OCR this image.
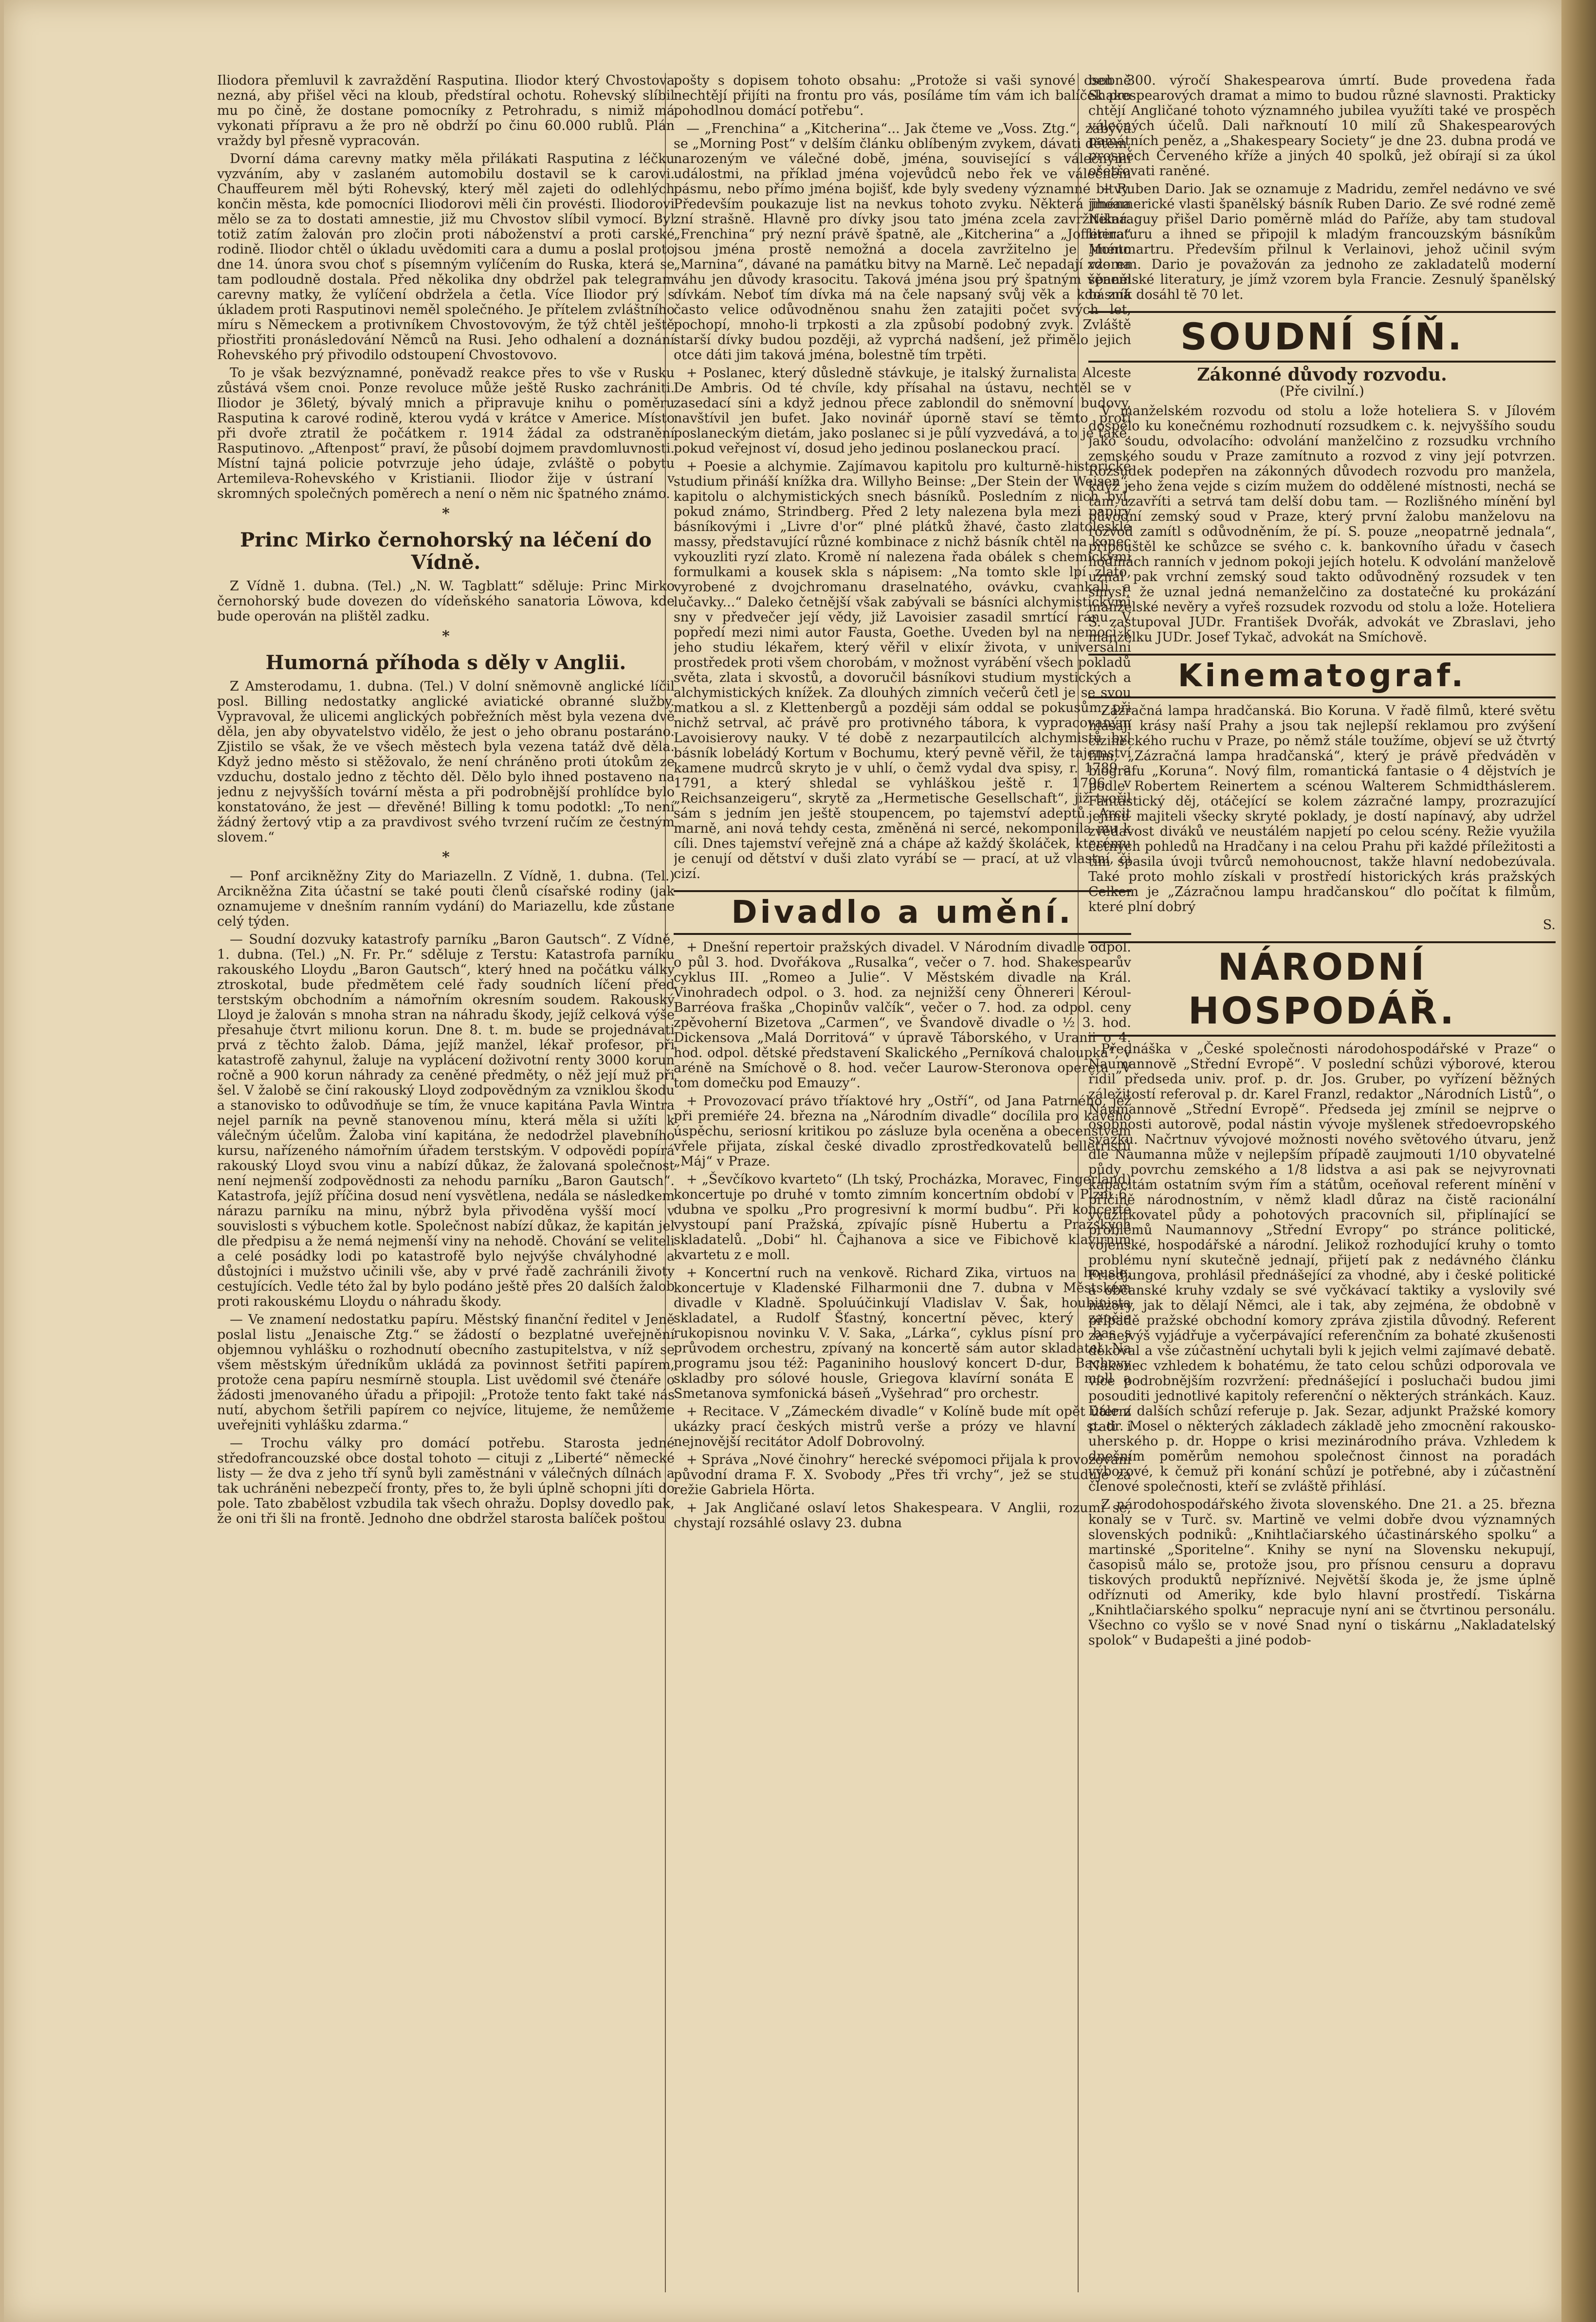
Iliodora přemluvil k zavraždění Rasputina. Iliodor který Chvostova nezná, aby přišel věci na kloub, předstíral ochotu. Rohevský slíbil mu po čině, že dostane pomocníky z Petrohradu, s nimiž má vykonati přípravu a že pro ně obdrží po činu 60.000 rublů. Plán vraždy byl přesně vypracován.

Dvorní dáma carevny matky měla přilákati Rasputina z léčku vyzváním, aby v zaslaném automobilu dostavil se k carovi. Chauffeurem měl býti Rohevský, který měl zajeti do odlehlých končin města, kde pomocníci Iliodorovi měli čin provésti. Iliodorovi mělo se za to dostati amnestie, již mu Chvostov slíbil vymocí. Byl totiž zatím žalován pro zločin proti náboženství a proti carské rodině. Iliodor chtěl o úkladu uvědomiti cara a dumu a poslal proto dne 14. února svou choť s písemným vylíčením do Ruska, která se tam podloudně dostala. Před několika dny obdržel pak telegram carevny matky, že vylíčení obdržela a četla. Více Iliodor prý s úkladem proti Rasputinovi neměl společného. Je přítelem zvláštního míru s Německem a protivníkem Chvostovovým, že týž chtěl ještě přiostřiti pronásledování Němců na Rusi. Jeho odhalení a doznání Rohevského prý přivodilo odstoupení Chvostovovo.

To je však bezvýznamné, poněvadž reakce přes to vše v Rusku zůstává všem cnoi. Ponze revoluce může ještě Rusko zachrániti. Iliodor je 36letý, bývalý mnich a připravuje knihu o poměru Rasputina k carové rodině, kterou vydá v krátce v Americe. Místo při dvoře ztratil že počátkem r. 1914 žádal za odstranění Rasputinovo. „Aftenpost“ praví, že působí dojmem pravdomluvnosti. Místní tajná policie potvrzuje jeho údaje, zvláště o pobytu Artemileva-Rohevského v Kristianii. Iliodor žije v ústraní v skromných společných poměrech a není o něm nic špatného známo.

*
Princ Mirko černohorský na léčení do Vídně.

Z Vídně 1. dubna. (Tel.) „N. W. Tagblatt“ sděluje: Princ Mirko černohorský bude dovezen do vídeňského sanatoria Löwova, kde bude operován na plištěl zadku.

*
Humorná příhoda s děly v Anglii.

Z Amsterodamu, 1. dubna. (Tel.) V dolní sněmovně anglické líčil posl. Billing nedostatky anglické aviatické obranné služby. Vypravoval, že ulicemi anglických pobřežních měst byla vezena dvě děla, jen aby obyvatelstvo vidělo, že jest o jeho obranu postaráno. Zjistilo se však, že ve všech městech byla vezena tatáž dvě děla. Když jedno město si stěžovalo, že není chráněno proti útokům ze vzduchu, dostalo jedno z těchto děl. Dělo bylo ihned postaveno na jednu z nejvyšších tovární města a při podrobnější prohlídce bylo konstatováno, že jest — dřevěné! Billing k tomu podotkl: „To není žádný žertový vtip a za pravdivost svého tvrzení ručím ze čestným slovem.“

*

— Ponf arcikněžny Zity do Mariazelln. Z Vídně, 1. dubna. (Tel.) Arcikněžna Zita účastní se také pouti členů císařské rodiny (jak oznamujeme v dnešním ranním vydání) do Mariazellu, kde zůstane celý týden.

— Soudní dozvuky katastrofy parníku „Baron Gautsch“. Z Vídně, 1. dubna. (Tel.) „N. Fr. Pr.“ sděluje z Terstu: Katastrofa parníku rakouského Lloydu „Baron Gautsch“, který hned na počátku války ztroskotal, bude předmětem celé řady soudních líčení před terstským obchodním a námořním okresním soudem. Rakouský Lloyd je žalován s mnoha stran na náhradu škody, jejíž celková výše přesahuje čtvrt milionu korun. Dne 8. t. m. bude se projednávati prvá z těchto žalob. Dáma, jejíž manžel, lékař profesor, při katastrofě zahynul, žaluje na vyplácení doživotní renty 3000 korun ročně a 900 korun náhrady za ceněné předměty, o něž její muž při šel. V žalobě se činí rakouský Lloyd zodpovědným za vzniklou škodu a stanovisko to odůvodňuje se tím, že vnuce kapitána Pavla Wintra nejel parník na pevně stanovenou mínu, která měla si užíti k válečným účelům. Žaloba viní kapitána, že nedodržel plavebního kursu, nařízeného námořním úřadem terstským. V odpovědi popírá rakouský Lloyd svou vinu a nabízí důkaz, že žalovaná společnost není nejmenší zodpovědnosti za nehodu parníku „Baron Gautsch“. Katastrofa, jejíž příčina dosud není vysvětlena, nedála se následkem nárazu parníku na minu, nýbrž byla přivoděna vyšší mocí v souvislosti s výbuchem kotle. Společnost nabízí důkaz, že kapitán jel dle předpisu a že nemá nejmenší viny na nehodě. Chování se veliteli a celé posádky lodi po katastrofě bylo nejvýše chvályhodné a důstojníci i mužstvo učinili vše, aby v prvé řadě zachránili životy cestujících. Vedle této žal by bylo podáno ještě přes 20 dalších žalob proti rakouskému Lloydu o náhradu škody.

— Ve znamení nedostatku papíru. Městský finanční ředitel v Jeně poslal listu „Jenaische Ztg.“ se žádostí o bezplatné uveřejnění objemnou vyhlášku o rozhodnutí obecního zastupitelstva, v níž se všem městským úředníkům ukládá za povinnost šetřiti papírem, protože cena papíru nesmírně stoupla. List uvědomil své čtenáře o žádosti jmenovaného úřadu a připojil: „Protože tento fakt také nás nutí, abychom šetřili papírem co nejvíce, litujeme, že nemůžeme uveřejniti vyhlášku zdarma.“

— Trochu války pro domácí potřebu. Starosta jedné středofrancouzské obce dostal tohoto — cituji z „Liberté“ německé listy — že dva z jeho tří synů byli zaměstnáni v válečných dílnách a tak uchráněni nebezpečí fronty, přes to, že byli úplně schopni jíti do pole. Tato zbabělost vzbudila tak všech ohražu. Doplsy dovedlo pak, že oni tři šli na frontě. Jednoho dne obdržel starosta balíček poštou

pošty s dopisem tohoto obsahu: „Protože si vaši synové osobně nechtějí přijíti na frontu pro vás, posíláme tím vám ich balíček pro pohodlnou domácí potřebu“.

— „Frenchina“ a „Kitcherina“... Jak čteme ve „Voss. Ztg.“, zabývá se „Morning Post“ v delším článku oblíbeným zvykem, dávati dětem, narozeným ve válečné době, jména, související s válečnými událostmi, na příklad jména vojevůdců nebo řek ve válečném pásmu, nebo přímo jména bojišť, kde byly svedeny významné bitvy. Především poukazuje list na nevkus tohoto zvyku. Některá jména zní strašně. Hlavně pro dívky jsou tato jména zcela zavržitelná. „Frenchina“ prý nezní právě špatně, ale „Kitcherina“ a „Jofferina“ jsou jména prostě nemožná a docela zavržitelno je jméno „Marnina“, dávané na památku bitvy na Marně. Leč nepadají zde na váhu jen důvody krasocitu. Taková jména jsou prý špatným věnem dívkám. Neboť tím dívka má na čele napsaný svůj věk a kdo zná často velice odůvodněnou snahu žen zatajiti počet svých let, pochopí, mnoho-li trpkosti a zla způsobí podobný zvyk. Zvláště starší dívky budou později, až vyprchá nadšení, jež přimělo jejich otce dáti jim taková jména, bolestně tím trpěti.

+ Poslanec, který důsledně stávkuje, je italský žurnalista Alceste De Ambris. Od té chvíle, kdy přísahal na ústavu, nechtěl se v zasedací síni a když jednou přece zablondil do sněmovní budovy, navštívil jen bufet. Jako novinář úporně staví se těmto proti poslaneckým dietám, jako poslanec si je půlí vyzvedává, a to je také, pokud veřejnost ví, dosud jeho jedinou poslaneckou prací.

+ Poesie a alchymie. Zajímavou kapitolu pro kulturně-historické studium přináší knížka dra. Willyho Beinse: „Der Stein der Weisen“, kapitolu o alchymistických snech básníků. Posledním z nich byl, pokud známo, Strindberg. Před 2 lety nalezena byla mezi papíry básníkovými i „Livre d'or“ plné plátků žhavé, často zlatolesklé massy, představující různé kombinace z nichž básník chtěl na konec vykouzliti ryzí zlato. Kromě ní nalezena řada obálek s chemickými formulkami a kousek skla s nápisem: „Na tomto skle lpí zlato, vyrobené z dvojchromanu draselnatého, ovávku, cvankali a lučavky...“ Daleko četnější však zabývali se básníci alchymistickými sny v předvečer její vědy, již Lavoisier zasadil smrtící ránu. V popředí mezi nimi autor Fausta, Goethe. Uveden byl na nemoci k jeho studiu lékařem, který věřil v elixír života, v universální prostředek proti všem chorobám, v možnost vyrábění všech pokladů světa, zlata i skvostů, a dovoručil básníkovi studium mystických a alchymistických knížek. Za dlouhých zimních večerů četl je se svou matkou a sl. z Klettenbergů a později sám oddal se pokusům, při nichž setrval, ač právě pro protivného tábora, k vypracovaným Lavoisierovy nauky. V té době z nezarpautilcích alchymistů byl básník lobeládý Kortum v Bochumu, který pevně věřil, že tajemství kamene mudrců skryto je v uhlí, o čemž vydal dva spisy, r. 1789 a 1791, a který shledal se vyhláškou ještě r. 1796 v „Reichsanzeigeru“, skrytě za „Hermetische Gesellschaft“, již tvořil sám s jedním jen ještě stoupencem, po tajemství adeptů. Arcit marně, ani nová tehdy cesta, změněná ni sercé, nekomponila mu k cíli. Dnes tajemství veřejně zná a chápe až každý školáček, kterému je cenují od dětství v duši zlato vyrábí se — prací, at už vlastní, či cizí.

Divadlo a umění.

+ Dnešní repertoir pražských divadel. V Národním divadle odpol. o půl 3. hod. Dvořákova „Rusalka“, večer o 7. hod. Shakespearův cyklus III. „Romeo a Julie“. V Městském divadle na Král. Vinohradech odpol. o 3. hod. za nejnižší ceny Öhnereri Kéroul-Barréova fraška „Chopinův valčík“, večer o 7. hod. za odpol. ceny zpěvoherní Bizetova „Carmen“, ve Švandově divadle o ½ 3. hod. Dickensova „Malá Dorritová“ v úpravě Táborského, v Uranii o 4. hod. odpol. dětské představení Skalického „Perníková chaloupka“, v aréně na Smíchově o 8. hod. večer Laurow-Steronova opereta „V tom domečku pod Emauzy“.

+ Provozovací právo tříaktové hry „Ostří“, od Jana Patrného, jež při premiéře 24. března na „Národním divadle“ docílila pro kavého úspěchu, seriosní kritikou po zásluze byla oceněna a obecenstvem vřele přijata, získal české divadlo zprostředkovatelů belletristů „Máj“ v Praze.

+ „Ševčíkovo kvarteto“ (Lh tský, Procházka, Moravec, Fingerland) koncertuje po druhé v tomto zimním koncertním období v Plzni 6. dubna ve spolku „Pro progresivní k mormí budbu“. Při koncertě vystoupí paní Pražská, zpívajíc písně Hubertu a Pražských skladatelů. „Dobi“ hl. Čajhanova a sice ve Fibichově klavírním kvartetu z e moll.

+ Koncertní ruch na venkově. Richard Zika, virtuos na housle, koncertuje v Kladenské Filharmonii dne 7. dubna v Městském divadle v Kladně. Spoluúčinkují Vladislav V. Šak, houbinista skladatel, a Rudolf Šťastný, koncertní pěvec, který zapěje rukopisnou novinku V. V. Saka, „Lárka“, cyklus písní pro bas s průvodem orchestru, zpívaný na koncertě sám autor skladatel. Na programu jsou též: Paganiniho houslový koncert D-dur, Bachovy skladby pro sólové housle, Griegova klavírní sonáta E moll a Smetanova symfonická báseň „Vyšehrad“ pro orchestr.

+ Recitace. V „Zámeckém divadle“ v Kolíně bude mít opět úterní ukázky prací českých mistrů verše a prózy ve hlavní stati i nejnovější recitátor Adolf Dobrovolný.

+ Správa „Nové činohry“ herecké svépomoci přijala k provozování původní drama F. X. Svobody „Přes tři vrchy“, jež se studuje za režie Gabriela Hörta.

+ Jak Angličané oslaví letos Shakespeara. V Anglii, rozumí se, chystají rozsáhlé oslavy 23. dubna

ben 300. výročí Shakespearova úmrtí. Bude provedena řada Shakespearových dramat a mimo to budou různé slavnosti. Prakticky chtějí Angličané tohoto významného jubilea využíti také ve prospěch válečných účelů. Dali nařknoutí 10 milí zů Shakespearových památních peněz, a „Shakespeary Society“ je dne 23. dubna prodá ve prospěch Červeného kříže a jiných 40 spolků, jež obírají si za úkol ošetřovati raněné.

+ Ruben Dario. Jak se oznamuje z Madridu, zemřel nedávno ve své jihoamerické vlasti španělský básník Ruben Dario. Ze své rodné země Nikaraguy přišel Dario poměrně mlád do Paříže, aby tam studoval literaturu a ihned se připojil k mladým francouzským básníkům Montmartru. Především přilnul k Verlainovi, jehož učinil svým vzorem. Dario je považován za jednoho ze zakladatelů moderní španělské literatury, je jímž vzorem byla Francie. Zesnulý španělský básník dosáhl tě 70 let.

SOUDNÍ SÍŇ.
Zákonné důvody rozvodu.
(Pře civilní.)

V manželském rozvodu od stolu a lože hoteliera S. v Jílovém dospělo ku konečnému rozhodnutí rozsudkem c. k. nejvyššího soudu jako soudu, odvolacího: odvolání manželčino z rozsudku vrchního zemského soudu v Praze zamítnuto a rozvod z viny její potvrzen. Rozsudek podepřen na zákonných důvodech rozvodu pro manžela, když jeho žena vejde s cizím mužem do oddělené místnosti, nechá se tam uzavříti a setrvá tam delší dobu tam. — Rozlišného mínění byl původní zemský soud v Praze, který první žalobu manželovu na rozvod zamítl s odůvodněním, že pí. S. pouze „neopatrně jednala“, připouštěl ke schůzce se svého c. k. bankovního úřadu v časech hodinách ranních v jednom pokoji jejích hotelu. K odvolání manželově uznal pak vrchní zemský soud takto odůvodněný rozsudek v ten smysl, že uznal jedná nemanželčino za dostatečné ku prokázání manželské nevěry a vyřeš rozsudek rozvodu od stolu a lože. Hoteliera S. zastupoval JUDr. František Dvořák, advokát ve Zbraslavi, jeho manželku JUDr. Josef Tykač, advokát na Smíchově.

Kinematograf.

Zázračná lampa hradčanská. Bio Koruna. V řadě filmů, které světu hlásají krásy naší Prahy a jsou tak nejlepší reklamou pro zvýšení cizineckého ruchu v Praze, po němž stále toužíme, objeví se už čtvrtý film, „Zázračná lampa hradčanská“, který je právě předváděn v biografu „Koruna“. Nový film, romantická fantasie o 4 dějstvích je podle Robertem Reinertem a scénou Walterem Schmidtháslerem. Fantastický děj, otáčející se kolem zázračné lampy, prozrazující jejímu majiteli všecky skryté poklady, je dostí napínavý, aby udržel zvědavost diváků ve neustálém napjetí po celou scény. Režie využila četných pohledů na Hradčany i na celou Prahu při každé příležitosti a tím spasila úvoji tvůrců nemohoucnost, takže hlavní nedobezúvala. Také proto mohlo získali v prostředí historických krás pražských Celkem je „Zázračnou lampu hradčanskou“ dlo počítat k filmům, které plní dobrý

S.
NÁRODNÍ HOSPODÁŘ.

Přednáška v „České společnosti národohospodářské v Praze“ o Naumannově „Střední Evropě“. V poslední schůzi výborové, kterou řídil předseda univ. prof. p. dr. Jos. Gruber, po vyřízení běžných záležitostí referoval p. dr. Karel Franzl, redaktor „Národních Listů“, o Naumannově „Střední Evropě“. Předseda jej zmínil se nejprve o osobnosti autorově, podal nástin vývoje myšlenek středoevropského svazku. Načrtnuv vývojové možnosti nového světového útvaru, jenž dle Naumanna může v nejlepším případě zaujmouti 1/10 obyvatelné půdy povrchu zemského a 1/8 lidstva a asi pak se nejvyrovnati kapacitám ostatním svým řím a státům, oceňoval referent mínění v příčině národnostním, v němž kladl důraz na čistě racionální využitkovatel půdy a pohotových pracovních sil, připlínající se problémů Naumannovy „Střední Evropy“ po stránce politické, vojenské, hospodářské a národní. Jelikož rozhodující kruhy o tomto problému nyní skutečně jednají, přijetí pak z nedávného článku Friedjungova, prohlásil přednášející za vhodné, aby i české politické a občanské kruhy vzdaly se své vyčkávací taktiky a vyslovily své názory, jak to dělají Němci, ale i tak, aby zejména, že obdobně v případě pražské obchodní komory zpráva zjistila důvodný. Referent za nejvýš vyjádřuje a vyčerpávající referenčním za bohaté zkušenosti děkoval a vše zúčastnění uchytali byli k jejich velmi zajímavé debatě. Nakonec vzhledem k bohatému, že tato celou schůzi odporovala ve více podrobnějším rozvržení: přednášející i posluchači budou jimi posouditi jednotlivé kapitoly referenční o některých stránkách. Kauz. Dále z dalších schůzí referuje p. Jak. Sezar, adjunkt Pražské komory p. dr. Mosel o některých základech základě jeho zmocnění rakousko-uherského p. dr. Hoppe o krisi mezinárodního práva. Vzhledem k dnešním poměrům nemohou společnost činnost na poradách výborové, k čemuž při konání schůzí je potřebné, aby i zúčastnění členové společnosti, kteří se zvláště přihlásí.

Z národohospodářského života slovenského. Dne 21. a 25. března konaly se v Turč. sv. Martině ve velmi dobře dvou významných slovenských podniků: „Knihtlačiarského účastinárského spolku“ a martinské „Sporitelne“. Knihy se nyní na Slovensku nekupují, časopisů málo se, protože jsou, pro přísnou censuru a dopravu tiskových produktů nepříznivé. Největší škoda je, že jsme úplně odříznuti od Ameriky, kde bylo hlavní prostředí. Tiskárna „Knihtlačiarského spolku“ nepracuje nyní ani se čtvrtinou personálu. Všechno co vyšlo se v nové Snad nyní o tiskárnu „Nakladatelský spolok“ v Budapešti a jiné podob-
